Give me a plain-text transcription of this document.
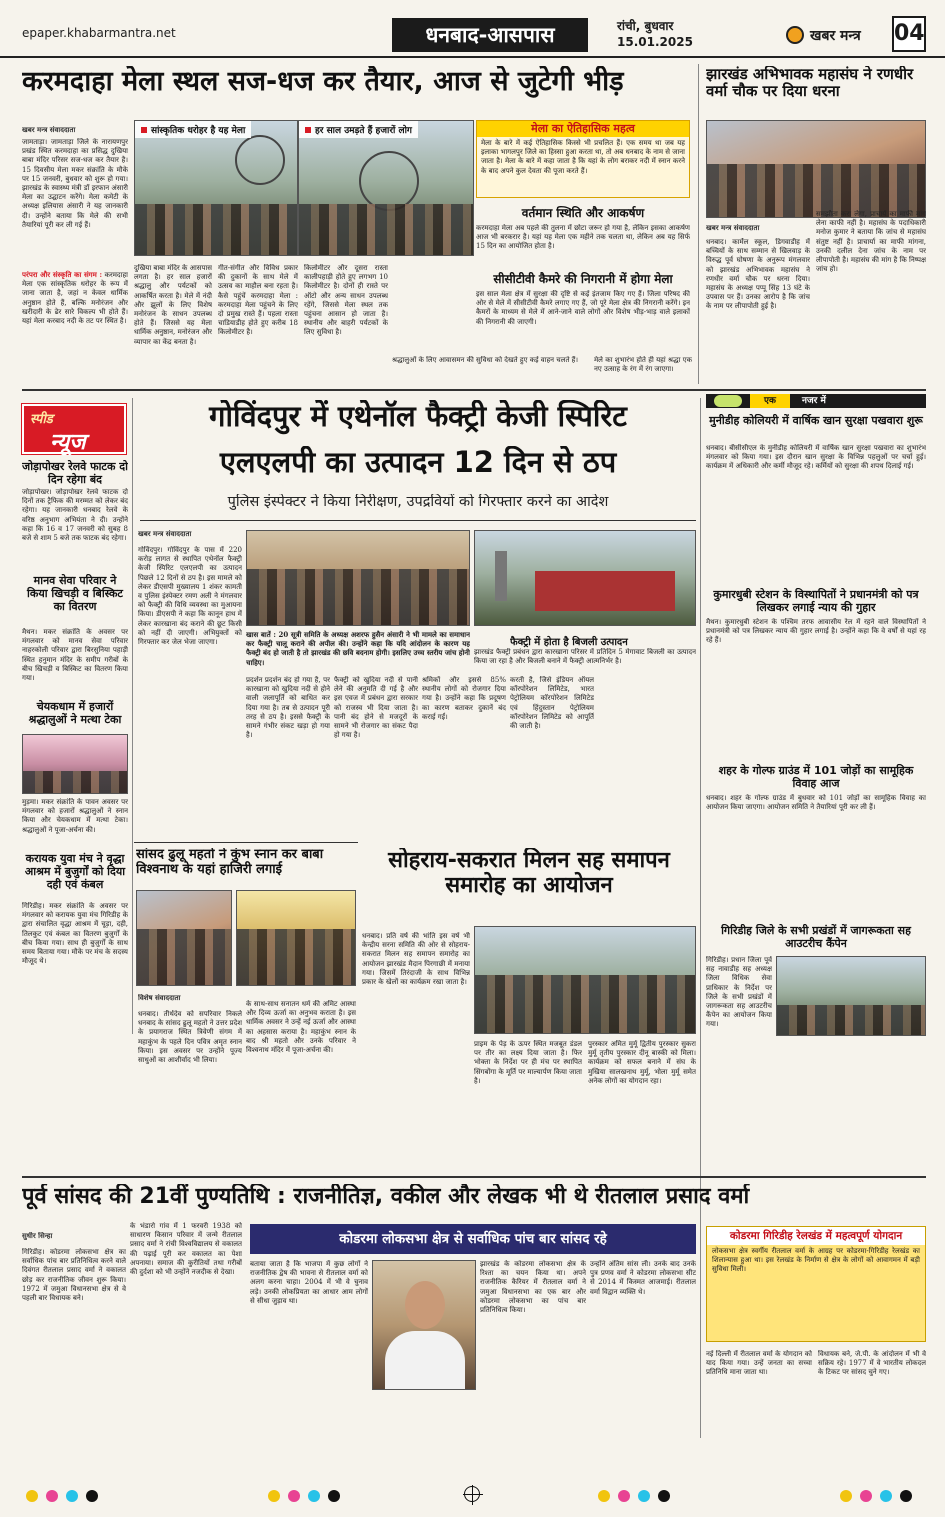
epaper.khabarmantra.net	धनबाद-आसपास	रांची, बुधवार
15.01.2025	खबर मन्त्र 04
करमदाहा मेला स्थल सज-धज कर तैयार, आज से जुटेगी भीड़
खबर मन्त्र संवाददाता	सांस्कृतिक धरोहर है यह मेला	हर साल उमड़ते हैं हजारों लोग
जामताड़ा। जामताड़ा जिले के नारायणपुर प्रखंड स्थित करमदाहा का प्रसिद्ध दुखिया बाबा मंदिर परिसर सज-धज कर तैयार है। 15 दिवसीय मेला मकर संक्रांति के मौके पर 15 जनवरी, बुधवार को शुरू हो गया। झारखंड के स्वास्थ्य मंत्री डॉ इरफान अंसारी मेला का उद्घाटन करेंगे। मेला कमेटी के अध्यक्ष इलियास अंसारी ने यह जानकारी दी। उन्होंने बताया कि मेले की सभी तैयारियां पूरी कर ली गई हैं।
परंपरा और संस्कृति का संगम : करमदाहा मेला एक सांस्कृतिक धरोहर के रूप में जाना जाता है, जहां न केवल धार्मिक अनुष्ठान होते हैं, बल्कि मनोरंजन और खरीदारी के ढेर सारे विकल्प भी होते हैं। यहां मेला करबाद नदी के तट पर स्थित है।
दुखिया बाबा मंदिर के आसपास लगता है। हर साल हजारों श्रद्धालु और पर्यटकों को आकर्षित करता है। मेले में नंदी और झूलों के लिए विशेष मनोरंजन के साधन उपलब्ध होते हैं। जिससे यह मेला धार्मिक अनुष्ठान, मनोरंजन और व्यापार का केंद्र बनता है।
गीत-संगीत और विविध प्रकार की दुकानों के साथ मेले में उत्सव का माहौल बना रहता है। कैसे पहुंचें करमदाहा मेला : करमदाहा मेला पहुंचने के लिए दो प्रमुख रास्ते हैं। पहला रास्ता चाडियाडीह होते हुए करीब 18 किलोमीटर है।
किलोमीटर और दूसरा रास्ता कालीपहाड़ी होते हुए लगभग 10 किलोमीटर है। दोनों ही रास्ते पर ऑटो और अन्य साधन उपलब्ध रहेंगे, जिससे मेला स्थल तक पहुंचना आसान हो जाता है। स्थानीय और बाहरी पर्यटकों के लिए सुविधा है।
मेला का ऐतिहासिक महत्व
मेला के बारे में कई ऐतिहासिक किस्से भी प्रचलित हैं। एक समय था जब यह इलाका भागलपुर जिले का हिस्सा हुआ करता था, तो अब धनबाद के नाम से जाना जाता है। मेला के बारे में कहा जाता है कि यहां के लोग बराकर नदी में स्नान करने के बाद अपने कुल देवता की पूजा करते हैं।
वर्तमान स्थिति और आकर्षण
करमदाहा मेला अब पहले की तुलना में छोटा जरूर हो गया है, लेकिन इसका आकर्षण आज भी बरकरार है। यहां यह मेला एक महीने तक चलता था, लेकिन अब यह सिर्फ 15 दिन का आयोजित होता है।
सीसीटीवी कैमरे की निगरानी में होगा मेला
इस साल मेला क्षेत्र में सुरक्षा की दृष्टि से कई इंतजाम किए गए हैं। जिला परिषद की ओर से मेले में सीसीटीवी कैमरे लगाए गए हैं, जो पूरे मेला क्षेत्र की निगरानी करेंगे। इन कैमरों के माध्यम से मेले में आने-जाने वाले लोगों और विशेष भीड़-भाड़ वाले इलाकों की निगरानी की जाएगी।
श्रद्धालुओं के लिए आवासमन की सुविधा को देखते हुए कई वाहन चलते हैं।	मेले का शुभारंभ होते ही यहां श्रद्धा एक नए उत्साह के रंग में रंग जाएगा।
झारखंड अभिभावक महासंघ ने रणधीर वर्मा चौक पर दिया धरना
खबर मन्त्र संवाददाता
धनबाद। कार्मेल स्कूल, डिगवाडीह में बच्चियों के साथ सम्मान से खिलवाड़ के विरुद्ध पूर्व घोषणा के अनुरूप मंगलवार को झारखंड अभिभावक महासंघ ने रणधीर वर्मा चौक पर धरना दिया। महासंघ के अध्यक्ष पप्पू सिंह 13 घंटे के उपवास पर हैं। उनका आरोप है कि जांच के नाम पर लीपापोती हुई है।
समझौता करा लेगा, प्राचार्य का माफी मांग लेना काफी नहीं है। महासंघ के पदाधिकारी मनोज कुमार ने बताया कि जांच से महासंघ संतुष्ट नहीं है। प्राचार्या का माफी मांगना, उनकी दलील देना जांच के नाम पर लीपापोती है। महासंघ की मांग है कि निष्पक्ष जांच हो।
स्पीड
न्यूज
जोड़ापोखर रेलवे फाटक दो दिन रहेगा बंद
जोड़ापोखर। जोड़ापोखर रेलवे फाटक दो दिनों तक ट्रैफिक की मरम्मत को लेकर बंद रहेगा। यह जानकारी धनबाद रेलवे के वरिष्ठ अनुभाग अभियंता ने दी। उन्होंने कहा कि 16 व 17 जनवरी को सुबह 8 बजे से शाम 5 बजे तक फाटक बंद रहेगा।
मानव सेवा परिवार ने किया खिचड़ी व बिस्किट का वितरण
मैथन। मकर संक्रांति के अवसर पर मंगलवार को मानव सेवा परिवार नाहरकोली परिवार द्वारा बिरसुनिया पहाड़ी स्थित हनुमान मंदिर के समीप गरीबों के बीच खिचड़ी व बिस्किट का वितरण किया गया।
चेयकधाम में हजारों श्रद्धालुओं ने मत्था टेका
मुड़मा। मकर संक्रांति के पावन अवसर पर मंगलवार को हजारों श्रद्धालुओं ने स्नान किया और चेयकधाम में मत्था टेका। श्रद्धालुओं ने पूजा-अर्चना की।
करायक युवा मंच ने वृद्धा आश्रम में बुजुर्गों को दिया दही एवं कंबल
गिरिडीह। मकर संक्रांति के अवसर पर मंगलवार को करायक युवा मंच गिरिडीह के द्वारा संचालित वृद्धा आश्रम में चूड़ा, दही, तिलकुट एवं कंबल का वितरण बुजुर्गों के बीच किया गया। साथ ही बुजुर्गों के साथ समय बिताया गया। मौके पर मंच के सदस्य मौजूद थे।
गोविंदपुर में एथेनॉल फैक्ट्री केजी स्पिरिट
एलएलपी का उत्पादन 12 दिन से ठप
पुलिस इंस्पेक्टर ने किया निरीक्षण, उपद्रवियों को गिरफ्तार करने का आदेश
खबर मन्त्र संवाददाता
गोविंदपुर। गोविंदपुर के पास में 220 करोड़ लागत से स्थापित एथेनॉल फैक्ट्री केजी स्पिरिट एलएलपी का उत्पादन पिछले 12 दिनों से ठप है। इस मामले को लेकर डीएसपी मुख्यालय 1 शंकर कामती व पुलिस इंस्पेक्टर रमण अली ने मंगलवार को फैक्ट्री की विधि व्यवस्था का मुआयना किया। डीएसपी ने कहा कि कानून हाथ में लेकर कारखाना बंद कराने की छूट किसी को नहीं दी जाएगी। अभियुक्तों को गिरफ्तार कर जेल भेजा जाएगा।
खास बातें : 20 सूत्री समिति के अध्यक्ष अशरफ हुसैन अंसारी ने भी मामले का समाधान कर फैक्ट्री चालू कराने की अपील की। उन्होंने कहा कि यदि आंदोलन के कारण यह फैक्ट्री बंद हो जाती है तो झारखंड की छवि बदनाम होगी। इसलिए उच्च स्तरीय जांच होनी चाहिए।
फैक्ट्री में होता है बिजली उत्पादन
झारखंड फैक्ट्री प्रबंधन द्वारा कारखाना परिसर में प्रतिदिन 5 मेगावाट बिजली का उत्पादन किया जा रहा है और बिजली बनाने में फैक्ट्री आत्मनिर्भर है।
प्रदर्शन प्रदर्शन बंद हो गया है, पर कारखाना को खुदिया नदी से होने वाली जलापूर्ति को बाधित कर दिया गया है। तब से उत्पादन पूरी तरह से ठप है। इससे फैक्ट्री के सामने गंभीर संकट खड़ा हो गया है।
फैक्ट्री को खुदिया नदी से पानी लेने की अनुमति दी गई है और इस एवज में प्रबंधन द्वारा सरकार को राजस्व भी दिया जाता है। पानी बंद होने से मजदूरों के सामने भी रोजगार का संकट पैदा हो गया है।
श्रमिकों और इससे 85% स्थानीय लोगों को रोजगार दिया गया है। उन्होंने कहा कि प्रदूषण का कारण बताकर दुकानें बंद कराई गईं।
करती है, जिसे इंडियन ऑयल कॉरपोरेशन लिमिटेड, भारत पेट्रोलियम कॉरपोरेशन लिमिटेड एवं हिंदुस्तान पेट्रोलियम कॉरपोरेशन लिमिटेड को आपूर्ति की जाती है।
एक	नजर में
मुनीडीह कोलियरी में वार्षिक खान सुरक्षा पखवारा शुरू
धनबाद। बीसीसीएल के मुनीडीह कोलियरी में वार्षिक खान सुरक्षा पखवारा का शुभारंभ मंगलवार को किया गया। इस दौरान खान सुरक्षा के विभिन्न पहलुओं पर चर्चा हुई। कार्यक्रम में अधिकारी और कर्मी मौजूद रहे। कर्मियों को सुरक्षा की शपथ दिलाई गई।
कुमारधुबी स्टेशन के विस्थापितों ने प्रधानमंत्री को पत्र लिखकर लगाई न्याय की गुहार
मैथन। कुमारधुबी स्टेशन के पश्चिम तरफ आवासीय रेल में रहने वाले विस्थापितों ने प्रधानमंत्री को पत्र लिखकर न्याय की गुहार लगाई है। उन्होंने कहा कि वे वर्षों से यहां रह रहे हैं।
शहर के गोल्फ ग्राउंड में 101 जोड़ों का सामूहिक विवाह आज
धनबाद। शहर के गोल्फ ग्राउंड में बुधवार को 101 जोड़ों का सामूहिक विवाह का आयोजन किया जाएगा। आयोजन समिति ने तैयारियां पूरी कर ली हैं।
गिरिडीह जिले के सभी प्रखंडों में जागरूकता सह आउटरीच कैंपेन
गिरिडीह। प्रधान जिला पूर्व सह नावाडीह सह अध्यक्ष जिला विधिक सेवा प्राधिकार के निर्देश पर जिले के सभी प्रखंडों में जागरूकता सह आउटरीच कैंपेन का आयोजन किया गया।
सांसद ढुलू महतो ने कुंभ स्नान कर बाबा विश्वनाथ के यहां हाजिरी लगाई
विशेष संवाददाता
धनबाद। तीर्थदेव को सपरिवार निकले धनबाद के सांसद ढुलू महतो ने उत्तर प्रदेश के प्रयागराज स्थित त्रिवेणी संगम में महाकुंभ के पहले दिन पवित्र अमृत स्नान किया। इस अवसर पर उन्होंने पूज्य साधुओं का आशीर्वाद भी लिया।
के साथ-साथ सनातन धर्म की अमिट आस्था और दिव्य ऊर्जा का अनुभव कराता है। इस धार्मिक अवसर ने उन्हें नई ऊर्जा और आस्था का अहसास कराया है। महाकुंभ स्नान के बाद श्री महतो और उनके परिवार ने विश्वनाथ मंदिर में पूजा-अर्चना की।
सोहराय-सकरात मिलन सह समापन समारोह का आयोजन
धनबाद। प्रति वर्ष की भांति इस वर्ष भी केन्द्रीय सरना समिति की ओर से सोहराय-सकरात मिलन सह समापन समारोह का आयोजन झारखंड मैदान पिरगाछी में मनाया गया। जिसमें तिरंदाजी के साथ विभिन्न प्रकार के खेलों का कार्यक्रम रखा जाता है।
प्राइम के पेड़ के ऊपर स्थित मजबूत डंडल पर तीर का लक्ष्य दिया जाता है। फिर भोक्ता के निर्देश पर ही मंच पर स्थापित सिंगबोंगा के मूर्ति पर माल्यार्पण किया जाता है।
पुरस्कार अमित मुर्मू द्वितीय पुरस्कार सुकरा मुर्मू तृतीय पुरस्कार दीनू बास्की को मिला। कार्यक्रम को सफल बनाने में संघ के मुखिया सालखनाथ मुर्मू, भोला मुर्मू समेत अनेक लोगों का योगदान रहा।
पूर्व सांसद की 21वीं पुण्यतिथि : राजनीतिज्ञ, वकील और लेखक भी थे रीतलाल प्रसाद वर्मा
सुधीर सिन्हा
गिरिडीह। कोडरमा लोकसभा क्षेत्र का सर्वाधिक पांच बार प्रतिनिधित्व करने वाले दिवंगत रीतलाल प्रसाद वर्मा ने वकालत छोड़ कर राजनीतिक जीवन शुरू किया। 1972 में जमुआ विधानसभा क्षेत्र से वे पहली बार विधायक बने।
के भंडारो गांव में 1 फरवरी 1938 को साधारण किसान परिवार में जन्मे रीतलाल प्रसाद वर्मा ने रांची विश्वविद्यालय से वकालत की पढ़ाई पूरी कर वकालत का पेशा अपनाया। समाज की कुरीतियों तथा गरीबों की दुर्दशा को भी उन्होंने नजदीक से देखा।
कोडरमा लोकसभा क्षेत्र से सर्वाधिक पांच बार सांसद रहे
बताया जाता है कि भाजपा में कुछ लोगों ने राजनीतिक द्वेष की भावना से रीतलाल वर्मा को अलग करना चाहा। 2004 में भी वे चुनाव लड़े। उनकी लोकप्रियता का आधार आम लोगों से सीधा जुड़ाव था।
झारखंड के कोडरमा लोकसभा क्षेत्र के रिश्ता का चयन किया था। अपने राजनीतिक कैरियर में रीतलाल वर्मा ने जमुआ विधानसभा का एक बार और कोडरमा लोकसभा का पांच बार प्रतिनिधित्व किया।
उन्होंने अंतिम सांस ली। उनके बाद उनके पुत्र प्रणव वर्मा ने कोडरमा लोकसभा सीट से 2014 में किस्मत आजमाई। रीतलाल वर्मा विद्वान व्यक्ति थे।
कोडरमा गिरिडीह रेलखंड में महत्वपूर्ण योगदान
लोकसभा क्षेत्र स्वर्गीय रीतलाल वर्मा के आग्रह पर कोडरमा-गिरिडीह रेलखंड का शिलान्यास हुआ था। इस रेलखंड के निर्माण से क्षेत्र के लोगों को आवागमन में बड़ी सुविधा मिली।
नई दिल्ली में रीतलाल वर्मा के योगदान को याद किया गया। उन्हें जनता का सच्चा प्रतिनिधि माना जाता था।
विधायक बने, जे.पी. के आंदोलन में भी वे सक्रिय रहे। 1977 में वे भारतीय लोकदल के टिकट पर सांसद चुने गए।
